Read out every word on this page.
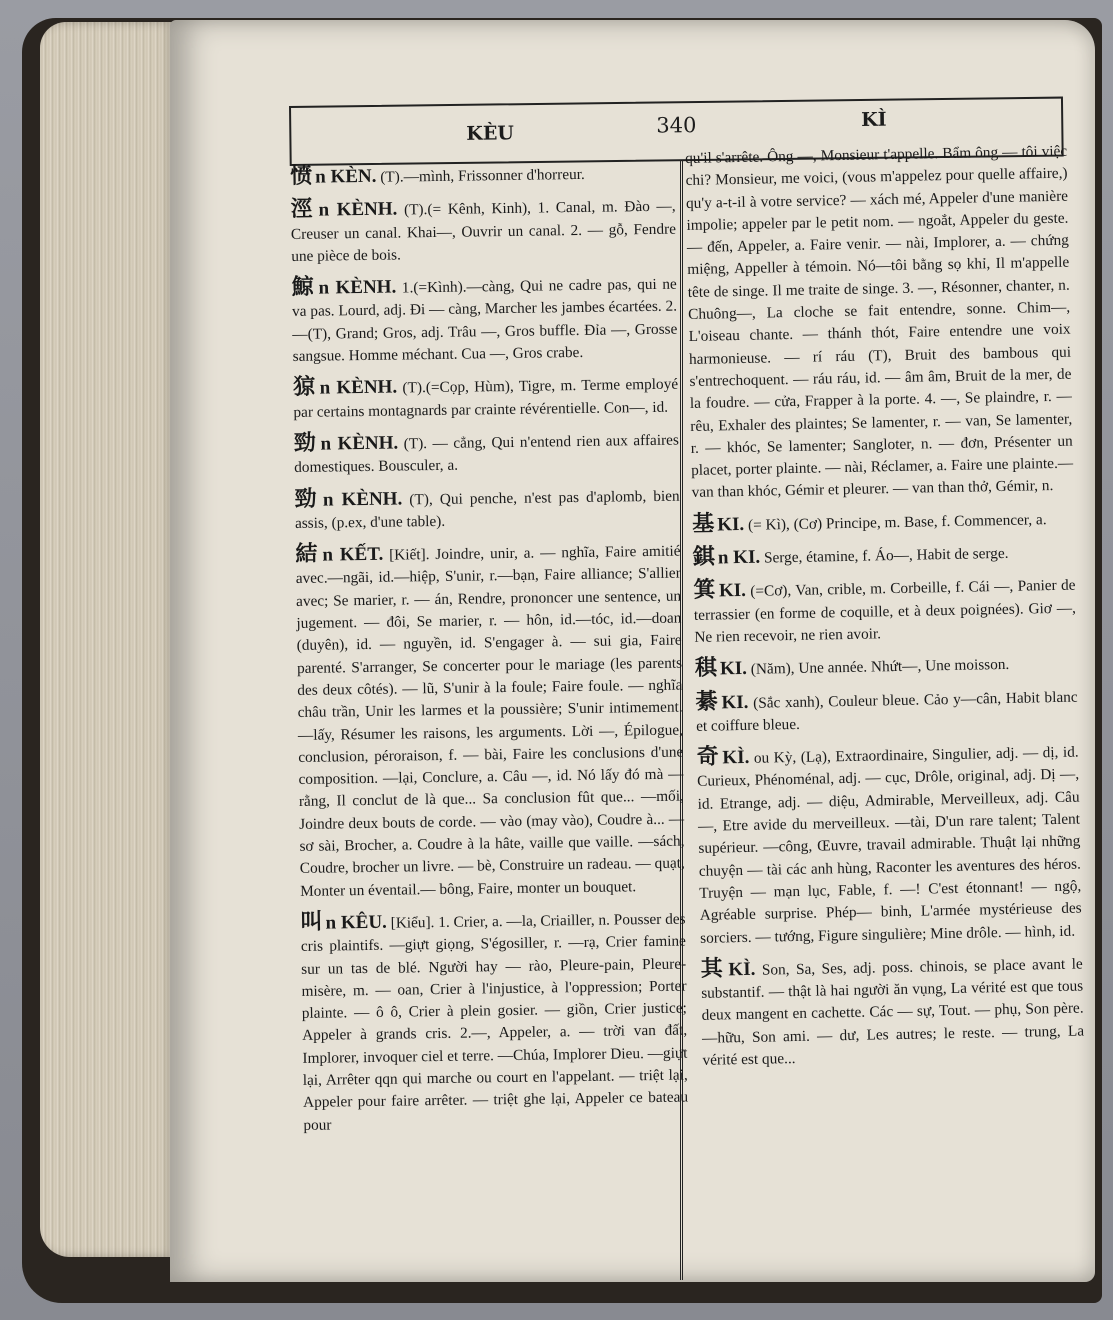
KÈU	340	KÌ

愤 n KÈN. (T).—mình, Frissonner d'horreur.

涇 n KÈNH. (T).(= Kênh, Kinh), 1. Canal, m. Đào —, Creuser un canal. Khai—, Ouvrir un canal. 2. — gỗ, Fendre une pièce de bois.

鯨 n KÈNH. 1.(=Kình).—càng, Qui ne cadre pas, qui ne va pas. Lourd, adj. Đi — càng, Marcher les jambes écartées. 2. —(T), Grand; Gros, adj. Trâu —, Gros buffle. Đỉa —, Grosse sangsue. Homme méchant. Cua —, Gros crabe.

猄 n KÈNH. (T).(=Cọp, Hùm), Tigre, m. Terme employé par certains montagnards par crainte révérentielle. Con—, id.

勁 n KÈNH. (T). — cẳng, Qui n'entend rien aux affaires domestiques. Bousculer, a.

勁 n KÈNH. (T), Qui penche, n'est pas d'aplomb, bien assis, (p.ex, d'une table).

結 n KẾT. [Kiết]. Joindre, unir, a. — nghĩa, Faire amitié avec.—ngãi, id.—hiệp, S'unir, r.—bạn, Faire alliance; S'allier avec; Se marier, r. — án, Rendre, prononcer une sentence, un jugement. — đôi, Se marier, r. — hôn, id.—tóc, id.—doan (duyên), id. — nguyền, id. S'engager à. — sui gia, Faire parenté. S'arranger, Se concerter pour le mariage (les parents des deux côtés). — lũ, S'unir à la foule; Faire foule. — nghĩa châu trần, Unir les larmes et la poussière; S'unir intimement. —lấy, Résumer les raisons, les arguments. Lời —, Épilogue, conclusion, péroraison, f. — bài, Faire les conclusions d'une composition. —lại, Conclure, a. Câu —, id. Nó lấy đó mà —rằng, Il conclut de là que... Sa conclusion fût que... —mối, Joindre deux bouts de corde. — vào (may vào), Coudre à... —sơ sài, Brocher, a. Coudre à la hâte, vaille que vaille. —sách, Coudre, brocher un livre. — bè, Construire un radeau. — quạt, Monter un éventail.— bông, Faire, monter un bouquet.

叫 n KÊU. [Kiểu]. 1. Crier, a. —la, Criailler, n. Pousser des cris plaintifs. —giựt giọng, S'égosiller, r. —rạ, Crier famine sur un tas de blé. Người hay — rào, Pleure-pain, Pleure-misère, m. — oan, Crier à l'injustice, à l'oppression; Porter plainte. — ô ô, Crier à plein gosier. — giồn, Crier justice; Appeler à grands cris. 2.—, Appeler, a. — trời van đất, Implorer, invoquer ciel et terre. —Chúa, Implorer Dieu. —giựt lại, Arrêter qqn qui marche ou court en l'appelant. — triệt lại, Appeler pour faire arrêter. — triệt ghe lại, Appeler ce bateau pour

qu'il s'arrête. Ông —, Monsieur t'appelle. Bẩm ông — tôi việc chi? Monsieur, me voici, (vous m'appelez pour quelle affaire,) qu'y a-t-il à votre service? — xách mé, Appeler d'une manière impolie; appeler par le petit nom. — ngoắt, Appeler du geste. — đến, Appeler, a. Faire venir. — nài, Implorer, a. — chứng miệng, Appeller à témoin. Nó—tôi bằng sọ khỉ, Il m'appelle tête de singe. Il me traite de singe. 3. —, Résonner, chanter, n. Chuông—, La cloche se fait entendre, sonne. Chim—, L'oiseau chante. — thánh thót, Faire entendre une voix harmonieuse. — rí ráu (T), Bruit des bambous qui s'entrechoquent. — ráu ráu, id. — âm âm, Bruit de la mer, de la foudre. — cửa, Frapper à la porte. 4. —, Se plaindre, r. — rêu, Exhaler des plaintes; Se lamenter, r. — van, Se lamenter, r. — khóc, Se lamenter; Sangloter, n. — đơn, Présenter un placet, porter plainte. — nài, Réclamer, a. Faire une plainte.— van than khóc, Gémir et pleurer. — van than thở, Gémir, n.

基 KI. (= Kì), (Cơ) Principe, m. Base, f. Commencer, a.

錤 n KI. Serge, étamine, f. Áo—, Habit de serge.

箕 KI. (=Cơ), Van, crible, m. Corbeille, f. Cái —, Panier de terrassier (en forme de coquille, et à deux poignées). Giơ —, Ne rien recevoir, ne rien avoir.

稘 KI. (Năm), Une année. Nhứt—, Une moisson.

綦 KI. (Sắc xanh), Couleur bleue. Cảo y—cân, Habit blanc et coiffure bleue.

奇 KÌ. ou Kỳ, (Lạ), Extraordinaire, Singulier, adj. — dị, id. Curieux, Phénoménal, adj. — cục, Drôle, original, adj. Dị —, id. Etrange, adj. — diệu, Admirable, Merveilleux, adj. Câu —, Etre avide du merveilleux. —tài, D'un rare talent; Talent supérieur. —công, Œuvre, travail admirable. Thuật lại những chuyện — tài các anh hùng, Raconter les aventures des héros. Truyện — mạn lục, Fable, f. —! C'est étonnant! — ngộ, Agréable surprise. Phép— binh, L'armée mystérieuse des sorciers. — tướng, Figure singulière; Mine drôle. — hình, id.

其 KÌ. Son, Sa, Ses, adj. poss. chinois, se place avant le substantif. — thật là hai người ăn vụng, La vérité est que tous deux mangent en cachette. Các — sự, Tout. — phụ, Son père. —hữu, Son ami. — dư, Les autres; le reste. — trung, La vérité est que...
